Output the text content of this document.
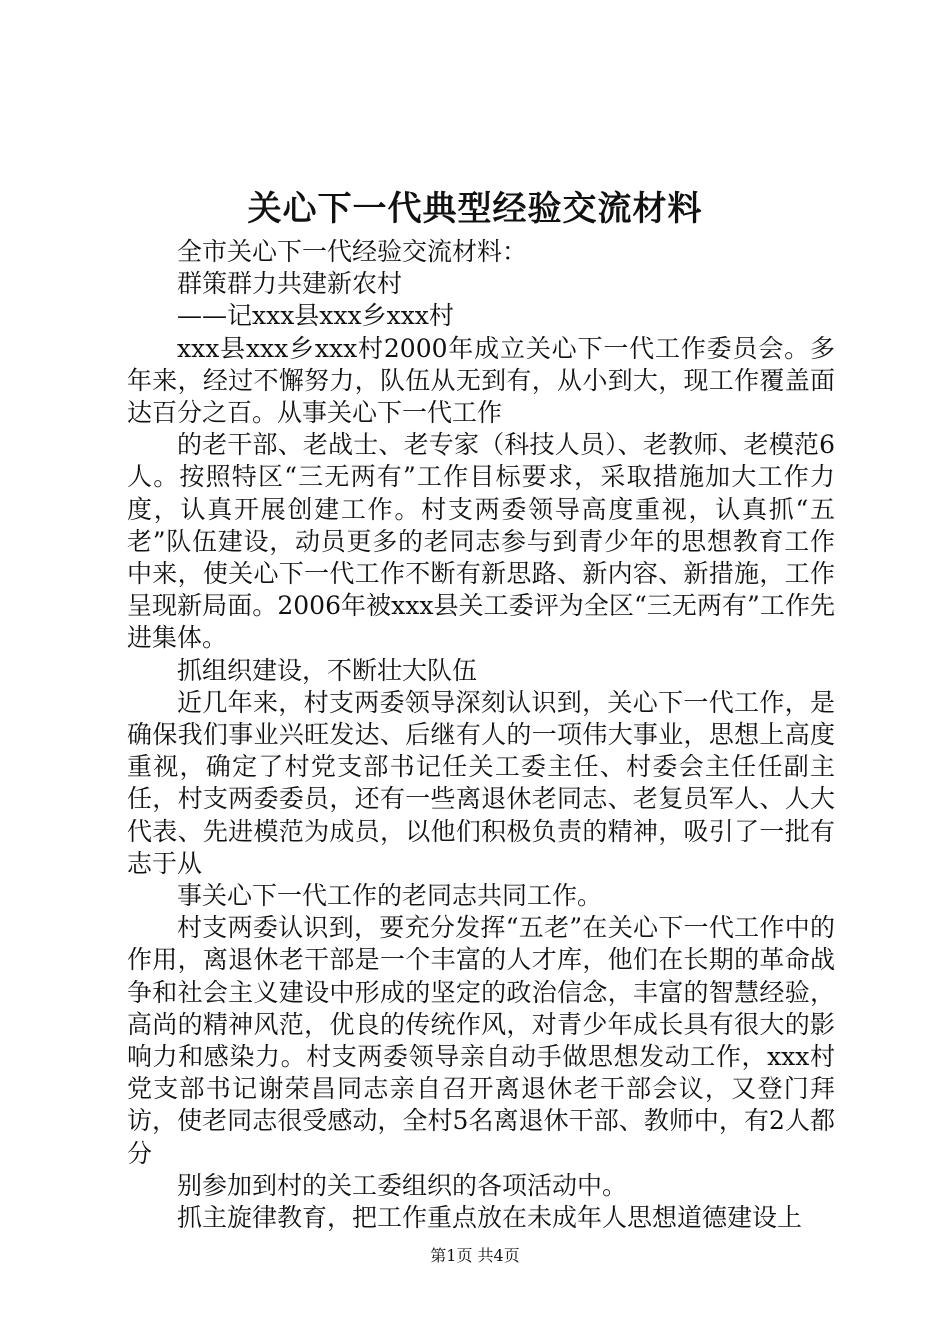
关心下一代典型经验交流材料

全市关心下一代经验交流材料：

群策群力共建新农村

——记xxx县xxx乡xxx村

xxx县xxx乡xxx村2000年成立关心下一代工作委员会。多年来，经过不懈努力，队伍从无到有，从小到大，现工作覆盖面达百分之百。从事关心下一代工作

的老干部、老战士、老专家（科技人员）、老教师、老模范6人。按照特区“三无两有”工作目标要求，采取措施加大工作力度，认真开展创建工作。村支两委领导高度重视，认真抓“五老”队伍建设，动员更多的老同志参与到青少年的思想教育工作中来，使关心下一代工作不断有新思路、新内容、新措施，工作呈现新局面。2006年被xxx县关工委评为全区“三无两有”工作先进集体。

抓组织建设，不断壮大队伍

近几年来，村支两委领导深刻认识到，关心下一代工作，是确保我们事业兴旺发达、后继有人的一项伟大事业，思想上高度重视，确定了村党支部书记任关工委主任、村委会主任任副主任，村支两委委员，还有一些离退休老同志、老复员军人、人大代表、先进模范为成员，以他们积极负责的精神，吸引了一批有志于从

事关心下一代工作的老同志共同工作。

村支两委认识到，要充分发挥“五老”在关心下一代工作中的作用，离退休老干部是一个丰富的人才库，他们在长期的革命战争和社会主义建设中形成的坚定的政治信念，丰富的智慧经验，高尚的精神风范，优良的传统作风，对青少年成长具有很大的影响力和感染力。村支两委领导亲自动手做思想发动工作，xxx村党支部书记谢荣昌同志亲自召开离退休老干部会议，又登门拜访，使老同志很受感动，全村5名离退休干部、教师中，有2人都分

别参加到村的关工委组织的各项活动中。

抓主旋律教育，把工作重点放在未成年人思想道德建设上

第1页 共4页
